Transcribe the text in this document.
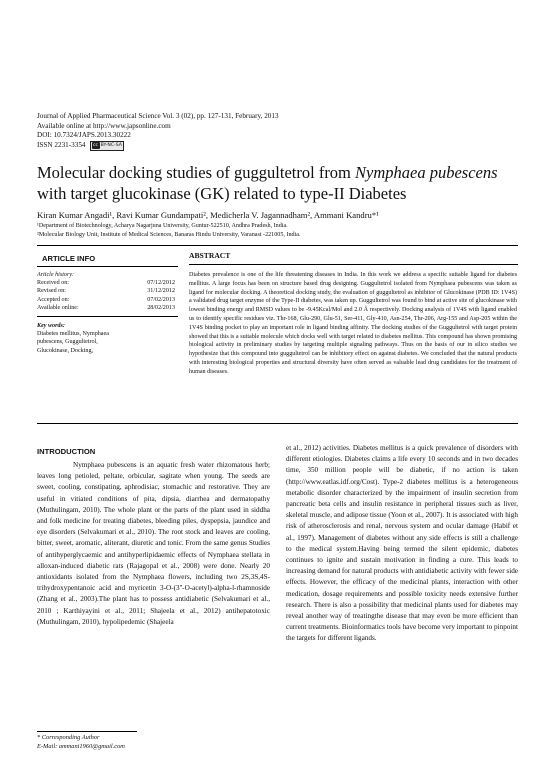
Journal of Applied Pharmaceutical Science Vol. 3 (02), pp. 127-131, February, 2013
Available online at http://www.japsonline.com
DOI: 10.7324/JAPS.2013.30222
ISSN 2231-3354	cc BY-NC-SA
Molecular docking studies of guggultetrol from Nymphaea pubescens
with target glucokinase (GK) related to type-II Diabetes
Kiran Kumar Angadi¹, Ravi Kumar Gundampati², Medicherla V. Jagannadham², Ammani Kandru*¹
¹Department of Biotechnology, Acharya Nagarjuna University, Guntur-522510, Andhra Pradesh, India.
²Molecular Biology Unit, Institute of Medical Sciences, Banaras Hindu University, Varanasi -221005, India.
ARTICLE INFO	ABSTRACT
Article history:
Received on:	07/12/2012
Revised on:	31/12/2012
Accepted on:	07/02/2013
Available online:	28/02/2013
Key words:
Diabetes mellitus, Nymphaea
pubescens, Guggultetrol,
Glucokinase, Docking,
Diabetes prevalence is one of the life threatening diseases in India. In this work we address a specific suitable ligand for diabetes mellitus. A large focus has been on structure based drug designing. Guggultetrol isolated from Nymphaea pubescens was taken as ligand for molecular docking. A theoretical docking study, the evaluation of guggultetrol as inhibitor of Glucokinase (PDB ID: 1V4S) a validated drug target enzyme of the Type-II diabetes, was taken up. Guggultetrol was found to bind at active site of glucokinase with lowest binding energy and RMSD values to be -9.45Kcal/Mol and 2.0 Å respectively. Docking analysis of 1V4S with ligand enabled us to identify specific residues viz. Thr-168, Glu-290, Glu-51, Ser-411, Gly-410, Asn-254, Thr-206, Arg-155 and Asp-205 within the 1V4S binding pocket to play an important role in ligand binding affinity. The docking studies of the Guggultetrol with target protein showed that this is a suitable molecule which docks well with target related to diabetes mellitus. This compound has shown promising biological activity in preliminary studies by targeting multiple signaling pathways. Thus on the basis of our in silico studies we hypothesize that this compound into guggultetrol can be inhibitory effect on against diabetes. We concluded that the natural products with interesting biological properties and structural diversity have often served as valuable lead drug candidates for the treatment of human diseases.
INTRODUCTION

Nymphaea pubescens is an aquatic fresh water rhizomatous herb; leaves long petioled, peltate, orbicular, sagitate when young. The seeds are sweet, cooling, constipating, aphrodisiac, stomachic and restorative. They are useful in vitiated conditions of pita, dipsia, diarrhea and dermatopathy (Muthulingam, 2010). The whole plant or the parts of the plant used in siddha and folk medicine for treating diabetes, bleeding piles, dyspepsia, jaundice and eye disorders (Selvakumari et al., 2010). The root stock and leaves are cooling, bitter, sweet, aromatic, aliterant, diuretic and tonic. From the same genus Studies of antihyperglycaemic and antihyperlipidaemic effects of Nymphaea stellata in alloxan-induced diabetic rats (Rajagopal et al., 2008) were done. Nearly 20 antioxidants isolated from the Nymphaea flowers, including two 2S,3S,4S-trihydroxypentanoic acid and myricetin 3-O-(3''-O-acetyl)-alpha-l-rhamnoside (Zhang et al., 2003).The plant has to possess antidiabetic (Selvakumari et al., 2010 ; Karthiyayini et al., 2011; Shajeela et al., 2012) antihepatotoxic (Muthulingam, 2010), hypolipedemic (Shajeela

et al., 2012) activities. Diabetes mellitus is a quick prevalence of disorders with different etiologies. Diabetes claims a life every 10 seconds and in two decades time, 350 million people will be diabetic, if no action is taken (http://www.eatlas.idf.org/Cost). Type-2 diabetes mellitus is a heterogeneous metabolic disorder characterized by the impairment of insulin secretion from pancreatic beta cells and insulin resistance in peripheral tissues such as liver, skeletal muscle, and adipose tissue (Yoon et al., 2007). It is associated with high risk of atherosclerosis and renal, nervous system and ocular damage (Habif et al., 1997). Management of diabetes without any side effects is still a challenge to the medical system.Having being termed the silent epidemic, diabetes continues to ignite and sustain motivation in finding a cure. This leads to increasing demand for natural products with antidiabetic activity with fewer side effects. However, the efficacy of the medicinal plants, interaction with other medication, dosage requirements and possible toxicity needs extensive further research. There is also a possibility that medicinal plants used for diabetes may reveal another way of treatingthe disease that may even be more efficient than current treatments. Bioinformatics tools have become very important to pinpoint the targets for different ligands.

* Corresponding Author
E-Mail: ammani1960@gmail.com
